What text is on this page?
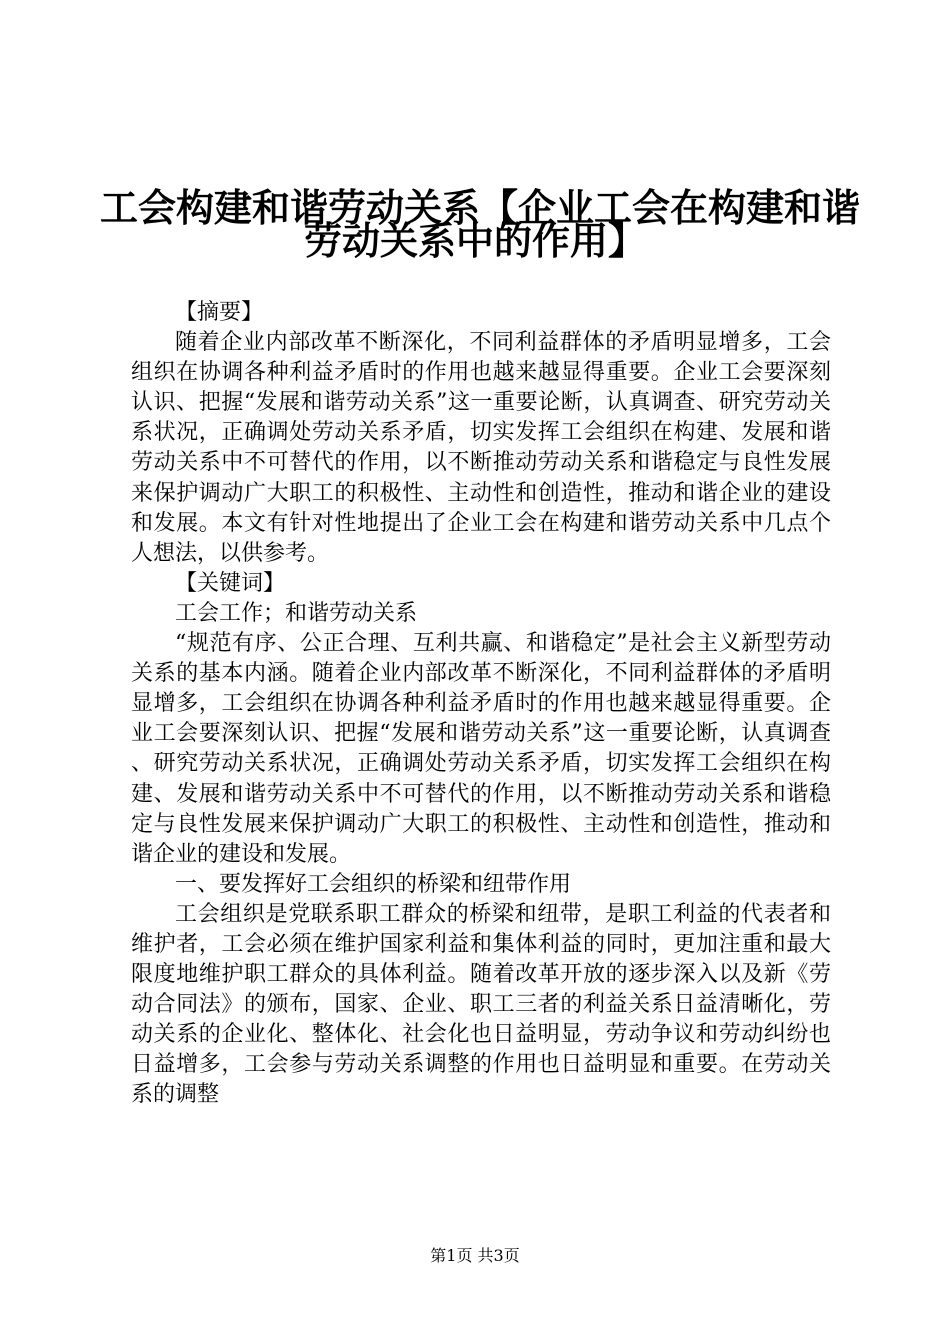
工会构建和谐劳动关系【企业工会在构建和谐
劳动关系中的作用】

【摘要】

随着企业内部改革不断深化，不同利益群体的矛盾明显增多，工会组织在协调各种利益矛盾时的作用也越来越显得重要。企业工会要深刻认识、把握“发展和谐劳动关系”这一重要论断，认真调查、研究劳动关系状况，正确调处劳动关系矛盾，切实发挥工会组织在构建、发展和谐劳动关系中不可替代的作用，以不断推动劳动关系和谐稳定与良性发展来保护调动广大职工的积极性、主动性和创造性，推动和谐企业的建设和发展。本文有针对性地提出了企业工会在构建和谐劳动关系中几点个人想法，以供参考。

【关键词】

工会工作；和谐劳动关系

“规范有序、公正合理、互利共赢、和谐稳定”是社会主义新型劳动关系的基本内涵。随着企业内部改革不断深化，不同利益群体的矛盾明显增多，工会组织在协调各种利益矛盾时的作用也越来越显得重要。企业工会要深刻认识、把握“发展和谐劳动关系”这一重要论断，认真调查、研究劳动关系状况，正确调处劳动关系矛盾，切实发挥工会组织在构建、发展和谐劳动关系中不可替代的作用，以不断推动劳动关系和谐稳定与良性发展来保护调动广大职工的积极性、主动性和创造性，推动和谐企业的建设和发展。

一、要发挥好工会组织的桥梁和纽带作用

工会组织是党联系职工群众的桥梁和纽带，是职工利益的代表者和维护者，工会必须在维护国家利益和集体利益的同时，更加注重和最大限度地维护职工群众的具体利益。随着改革开放的逐步深入以及新《劳动合同法》的颁布，国家、企业、职工三者的利益关系日益清晰化，劳动关系的企业化、整体化、社会化也日益明显，劳动争议和劳动纠纷也日益增多，工会参与劳动关系调整的作用也日益明显和重要。在劳动关系的调整

第1页 共3页
